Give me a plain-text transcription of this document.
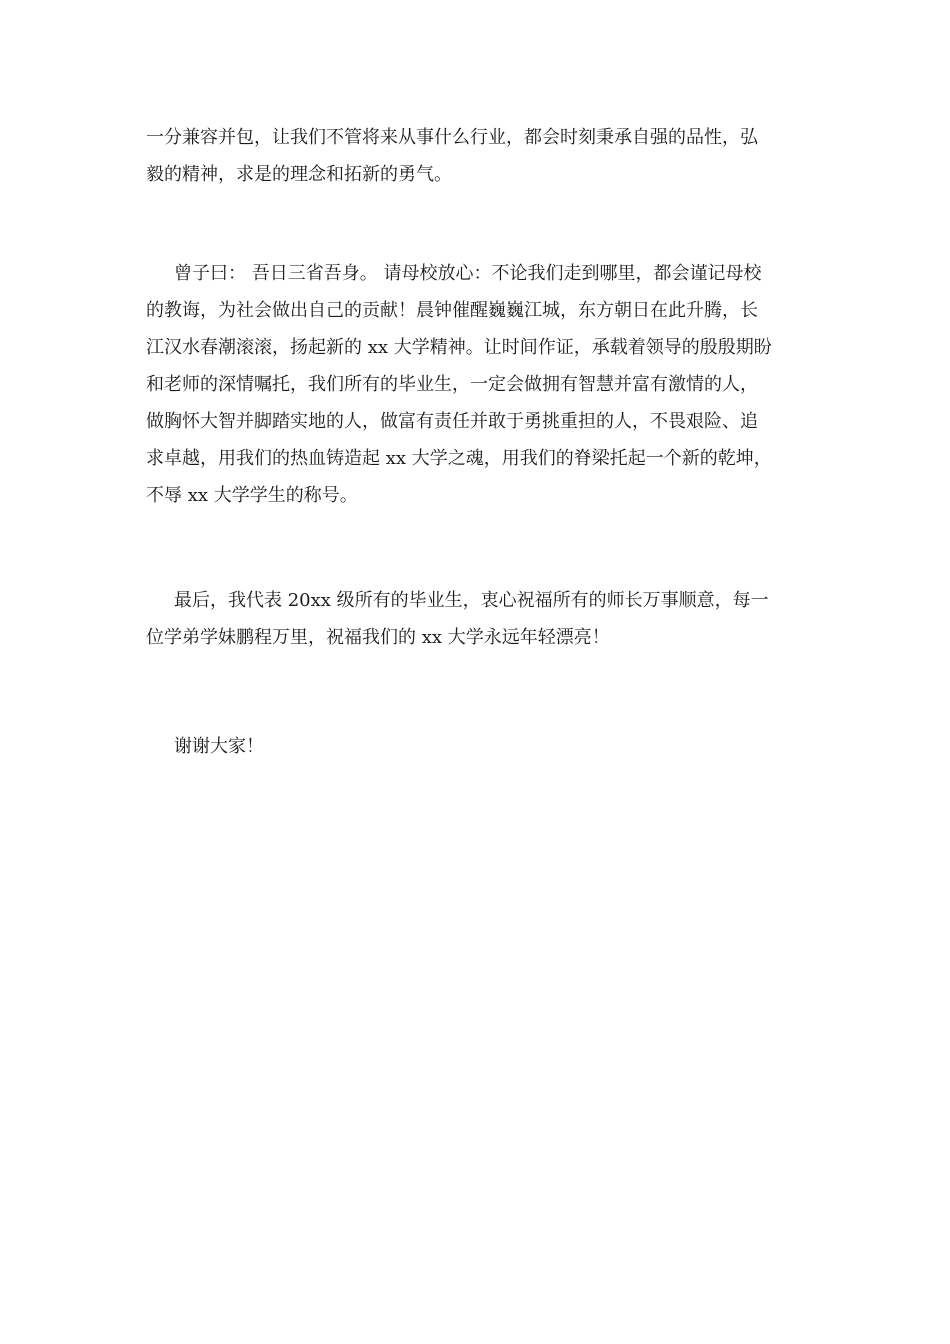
一分兼容并包，让我们不管将来从事什么行业，都会时刻秉承自强的品性，弘
毅的精神，求是的理念和拓新的勇气。
曾子曰： 吾日三省吾身。 请母校放心：不论我们走到哪里，都会谨记母校
的教诲，为社会做出自己的贡献！晨钟催醒巍巍江城，东方朝日在此升腾，长
江汉水春潮滚滚，扬起新的 xx 大学精神。让时间作证，承载着领导的殷殷期盼
和老师的深情嘱托，我们所有的毕业生，一定会做拥有智慧并富有激情的人，
做胸怀大智并脚踏实地的人，做富有责任并敢于勇挑重担的人，不畏艰险、追
求卓越，用我们的热血铸造起 xx 大学之魂，用我们的脊梁托起一个新的乾坤，
不辱 xx 大学学生的称号。
最后，我代表 20xx 级所有的毕业生，衷心祝福所有的师长万事顺意，每一
位学弟学妹鹏程万里，祝福我们的 xx 大学永远年轻漂亮！
谢谢大家！
